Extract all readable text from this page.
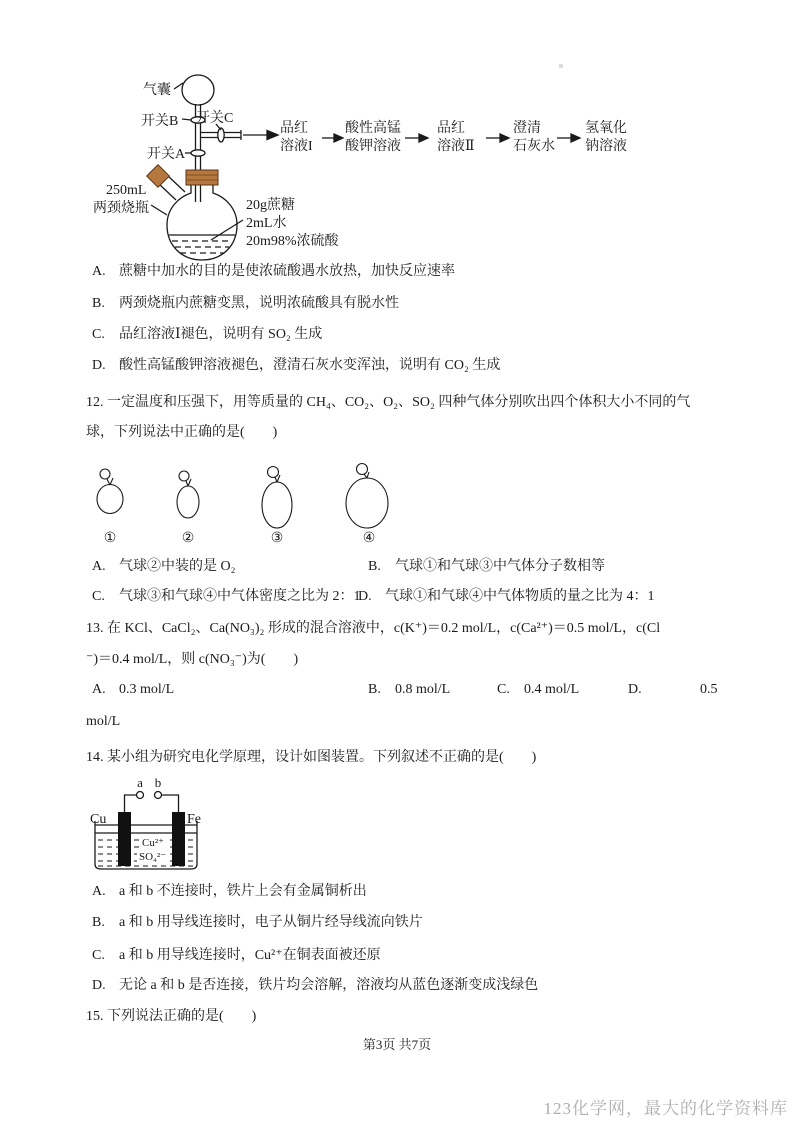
气囊
开关B 开关C
开关A
250mL
两颈烧瓶	20g蔗糖
2mL水
20m98%浓硫酸
品红
溶液I
酸性高锰
酸钾溶液
品红
溶液Ⅱ
澄清
石灰水
氢氧化
钠溶液
A. 蔗糖中加水的目的是使浓硫酸遇水放热，加快反应速率
B.	两颈烧瓶内蔗糖变黑，说明浓硫酸具有脱水性
C.	品红溶液Ⅰ褪色，说明有 SO₂ 生成
D. 酸性高锰酸钾溶液褪色，澄清石灰水变浑浊，说明有 CO₂ 生成
12. 一定温度和压强下，用等质量的 CH₄、CO₂、O₂、SO₂ 四种气体分别吹出四个体积大小不同的气
球，下列说法中正确的是(　　)
①	②	③	④
A. 气球②中装的是 O₂	B.	气球①和气球③中气体分子数相等
C.	气球③和气球④中气体密度之比为 2：1
D. 气球①和气球④中气体物质的量之比为 4：1
13. 在 KCl、CaCl₂、Ca(NO₃)₂ 形成的混合溶液中，c(K⁺)＝0.2 mol/L，c(Ca²⁺)＝0.5 mol/L，c(Cl
⁻)＝0.4 mol/L，则 c(NO₃⁻)为(　　)
A. 0.3 mol/L	B.	0.8 mol/L	C.	0.4 mol/L	D.	0.5
mol/L
14. 某小组为研究电化学原理，设计如图装置。下列叙述不正确的是(　　)
a b
Cu	Fe
Cu²⁺
SO₄²⁻
A. a 和 b 不连接时，铁片上会有金属铜析出
B.	a 和 b 用导线连接时，电子从铜片经导线流向铁片
C.	a 和 b 用导线连接时，Cu²⁺在铜表面被还原
D. 无论 a 和 b 是否连接，铁片均会溶解，溶液均从蓝色逐渐变成浅绿色
15. 下列说法正确的是(　　)
第3页 共7页
123化学网，最大的化学资料库
